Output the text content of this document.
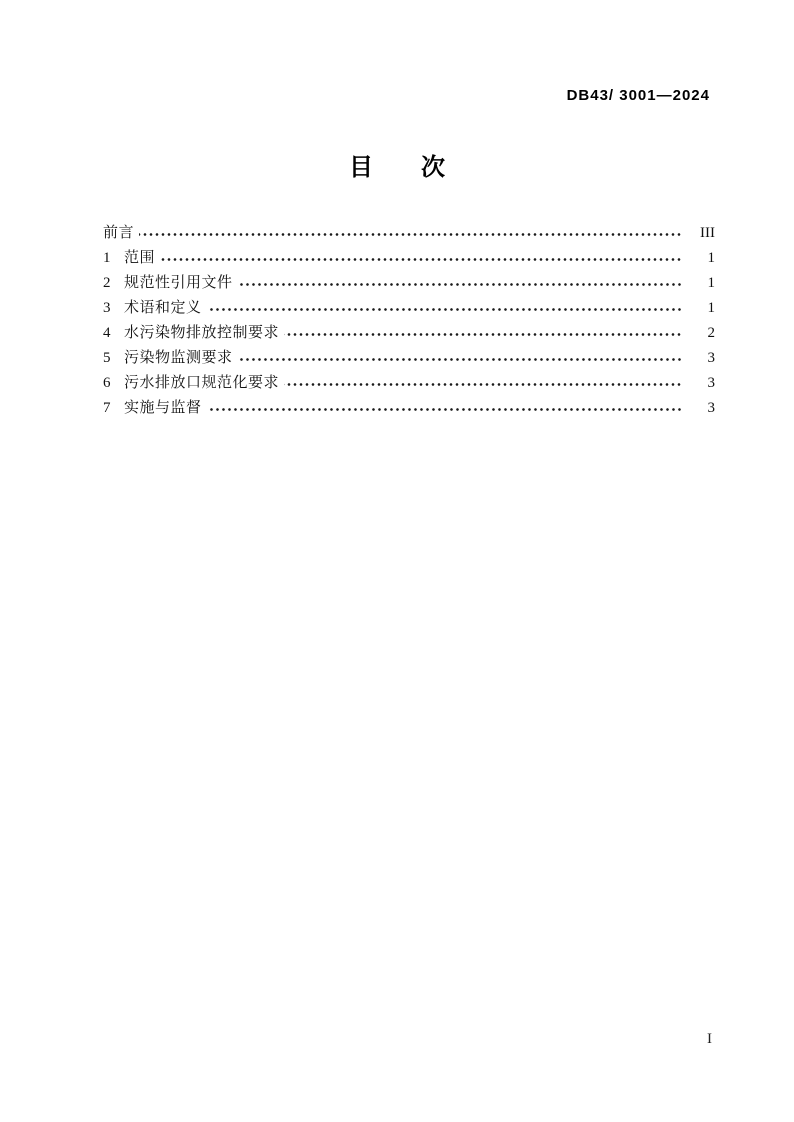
DB43/ 3001—2024
目　　次
前言	III
1 范围	1
2 规范性引用文件	1
3 术语和定义	1
4 水污染物排放控制要求	2
5 污染物监测要求	3
6 污水排放口规范化要求	3
7 实施与监督	3
I
